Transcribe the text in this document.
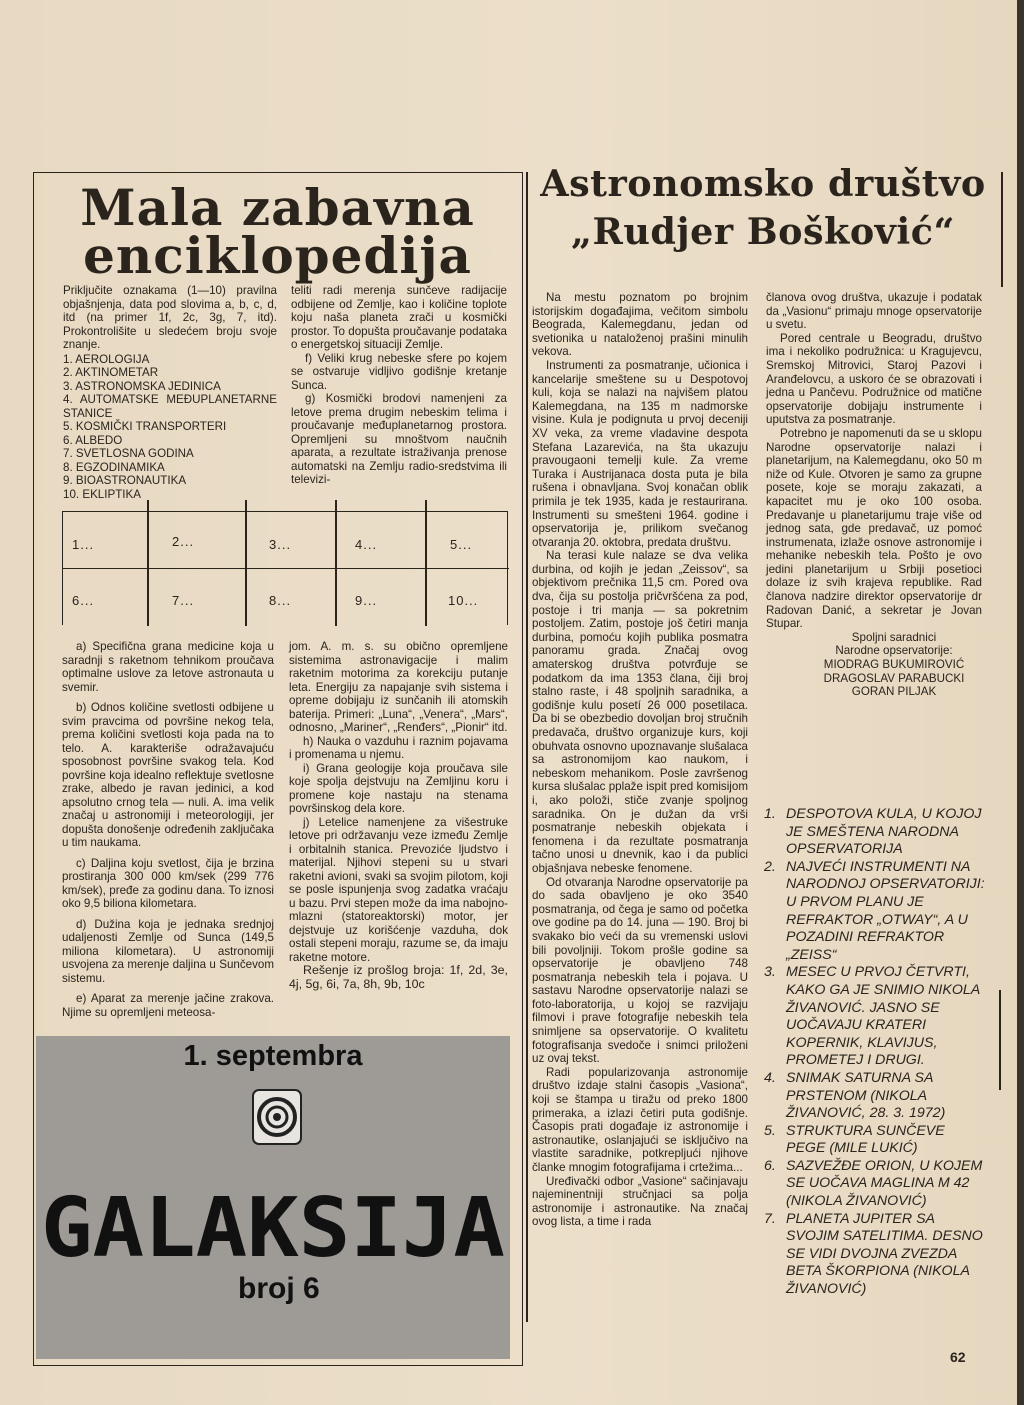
Mala zabavna
enciklopedija

Priključite oznakama (1—10) pravilna objašnjenja, data pod slovima a, b, c, d, itd (na primer 1f, 2c, 3g, 7, itd). Prokontrolišite u sledećem broju svoje znanje.

1. AEROLOGIJA
2. AKTINOMETAR
3. ASTRONOMSKA JEDINICA
4. AUTOMATSKE MEĐUPLANETARNE STANICE
5. KOSMIČKI TRANSPORTERI
6. ALBEDO
7. SVETLOSNA GODINA
8. EGZODINAMIKA
9. BIOASTRONAUTIKA
10. EKLIPTIKA

teliti radi merenja sunčeve radijacije odbijene od Zemlje, kao i količine toplote koju naša planeta zrači u kosmički prostor. To dopušta proučavanje podataka o energetskoj situaciji Zemlje.

f) Veliki krug nebeske sfere po kojem se ostvaruje vidljivo godišnje kretanje Sunca.

g) Kosmički brodovi namenjeni za letove prema drugim nebeskim telima i proučavanje međuplanetarnog prostora. Opremljeni su mnoštvom naučnih aparata, a rezultate istraživanja prenose automatski na Zemlju radio-sredstvima ili televizi-

1...	2...	3...	4...	5...
6...	7...	8...	9...	10...

a) Specifična grana medicine koja u saradnji s raketnom tehnikom proučava optimalne uslove za letove astronauta u svemir.

b) Odnos količine svetlosti odbijene u svim pravcima od površine nekog tela, prema količini svetlosti koja pada na to telo. A. karakteriše odražavajuću sposobnost površine svakog tela. Kod površine koja idealno reflektuje svetlosne zrake, albedo je ravan jedinici, a kod apsolutno crnog tela — nuli. A. ima velik značaj u astronomiji i meteorologiji, jer dopušta donošenje određenih zaključaka u tim naukama.

c) Daljina koju svetlost, čija je brzina prostiranja 300 000 km/sek (299 776 km/sek), pređe za godinu dana. To iznosi oko 9,5 biliona kilometara.

d) Dužina koja je jednaka srednjoj udaljenosti Zemlje od Sunca (149,5 miliona kilometara). U astronomiji usvojena za merenje daljina u Sunčevom sistemu.

e) Aparat za merenje jačine zrakova. Njime su opremljeni meteosa-

jom. A. m. s. su obično opremljene sistemima astronavigacije i malim raketnim motorima za korekciju putanje leta. Energiju za napajanje svih sistema i opreme dobijaju iz sunčanih ili atomskih baterija. Primeri: „Luna“, „Venera“, „Mars“, odnosno, „Mariner“, „Renđers“, „Pionir“ itd.

h) Nauka o vazduhu i raznim pojavama i promenama u njemu.

i) Grana geologije koja proučava sile koje spolja dejstvuju na Zemljinu koru i promene koje nastaju na stenama površinskog dela kore.

j) Letelice namenjene za višestruke letove pri održavanju veze između Zemlje i orbitalnih stanica. Prevoziće ljudstvo i materijal. Njihovi stepeni su u stvari raketni avioni, svaki sa svojim pilotom, koji se posle ispunjenja svog zadatka vraćaju u bazu. Prvi stepen može da ima nabojno-mlazni (statoreaktorski) motor, jer dejstvuje uz korišćenje vazduha, dok ostali stepeni moraju, razume se, da imaju raketne motore.

Rešenje iz prošlog broja: 1f, 2d, 3e, 4j, 5g, 6i, 7a, 8h, 9b, 10c

1. septembra
GALAKSIJA
broj 6
Astronomsko društvo
„Rudjer Bošković“

Na mestu poznatom po brojnim istorijskim događajima, večitom simbolu Beograda, Kalemegdanu, jedan od svetionika u nataloženoj prašini minulih vekova.

Instrumenti za posmatranje, učionica i kancelarije smeštene su u Despotovoj kuli, koja se nalazi na najvišem platou Kalemegdana, na 135 m nadmorske visine. Kula je podignuta u prvoj deceniji XV veka, za vreme vladavine despota Stefana Lazarevića, na šta ukazuju pravougaoni temelji kule. Za vreme Turaka i Austrijanaca dosta puta je bila rušena i obnavljana. Svoj konačan oblik primila je tek 1935, kada je restaurirana. Instrumenti su smešteni 1964. godine i opservatorija je, prilikom svečanog otvaranja 20. oktobra, predata društvu.

Na terasi kule nalaze se dva velika durbina, od kojih je jedan „Zeissov“, sa objektivom prečnika 11,5 cm. Pored ova dva, čija su postolja pričvršćena za pod, postoje i tri manja — sa pokretnim postoljem. Zatim, postoje još četiri manja durbina, pomoću kojih publika posmatra panoramu grada. Značaj ovog amaterskog društva potvrđuje se podatkom da ima 1353 člana, čiji broj stalno raste, i 48 spoljnih saradnika, a godišnje kulu posetí 26 000 posetilaca. Da bi se obezbedio dovoljan broj stručnih predavača, društvo organizuje kurs, koji obuhvata osnovno upoznavanje slušalaca sa astronomijom kao naukom, i nebeskom mehanikom. Posle završenog kursa slušalac pplaže ispit pred komisijom i, ako položi, stiče zvanje spoljnog saradnika. On je dužan da vrši posmatranje nebeskih objekata i fenomena i da rezultate posmatranja tačno unosi u dnevnik, kao i da publici objašnjava nebeske fenomene.

Od otvaranja Narodne opservatorije pa do sada obavljeno je oko 3540 posmatranja, od čega je samo od početka ove godine pa do 14. juna — 190. Broj bi svakako bio veći da su vremenski uslovi bili povoljniji. Tokom prošle godine sa opservatorije je obavljeno 748 posmatranja nebeskih tela i pojava. U sastavu Narodne opservatorije nalazi se foto-laboratorija, u kojoj se razvijaju filmovi i prave fotografije nebeskih tela snimljene sa opservatorije. O kvalitetu fotografisanja svedoče i snimci priloženi uz ovaj tekst.

Radi popularizovanja astronomije društvo izdaje stalni časopis „Vasiona“, koji se štampa u tiražu od preko 1800 primeraka, a izlazi četiri puta godišnje. Časopis prati događaje iz astronomije i astronautike, oslanjajući se isključivo na vlastite saradnike, potkrepljući njihove članke mnogim fotografijama i crtežima...

Uređivački odbor „Vasione“ sačinjavaju najeminentniji stručnjaci sa polja astronomije i astronautike. Na značaj ovog lista, a time i rada

članova ovog društva, ukazuje i podatak da „Vasionu“ primaju mnoge opservatorije u svetu.

Pored centrale u Beogradu, društvo ima i nekoliko podružnica: u Kragujevcu, Sremskoj Mitrovici, Staroj Pazovi i Aranđelovcu, a uskoro će se obrazovati i jedna u Pančevu. Podružnice od matične opservatorije dobijaju instrumente i uputstva za posmatranje.

Potrebno je napomenuti da se u sklopu Narodne opservatorije nalazi i planetarijum, na Kalemegdanu, oko 50 m niže od Kule. Otvoren je samo za grupne posete, koje se moraju zakazati, a kapacitet mu je oko 100 osoba. Predavanje u planetarijumu traje više od jednog sata, gde predavač, uz pomoć instrumenata, izlaže osnove astronomije i mehanike nebeskih tela. Pošto je ovo jedini planetarijum u Srbiji posetioci dolaze iz svih krajeva republike. Rad članova nadzire direktor opservatorije dr Radovan Danić, a sekretar je Jovan Stupar.

Spoljni saradnici
Narodne opservatorije:
MIODRAG BUKUMIROVIĆ
DRAGOSLAV PARABUCKI
GORAN PILJAK

1. DESPOTOVA KULA, U KOJOJ JE SMEŠTENA NARODNA OPSERVATORIJA

2. NAJVEĆI INSTRUMENTI NA NARODNOJ OPSERVATORIJI: U PRVOM PLANU JE REFRAKTOR „OTWAY“, A U POZADINI REFRAKTOR „ZEISS“

3. MESEC U PRVOJ ČETVRTI, KAKO GA JE SNIMIO NIKOLA ŽIVANOVIĆ. JASNO SE UOČAVAJU KRATERI KOPERNIK, KLAVIJUS, PROMETEJ I DRUGI.

4. SNIMAK SATURNA SA PRSTENOM (NIKOLA ŽIVANOVIĆ, 28. 3. 1972)

5. STRUKTURA SUNČEVE PEGE (MILE LUKIĆ)

6. SAZVEŽĐE ORION, U KOJEM SE UOČAVA MAGLINA M 42 (NIKOLA ŽIVANOVIĆ)

7. PLANETA JUPITER SA SVOJIM SATELITIMA. DESNO SE VIDI DVOJNA ZVEZDA BETA ŠKORPIONA (NIKOLA ŽIVANOVIĆ)

62
